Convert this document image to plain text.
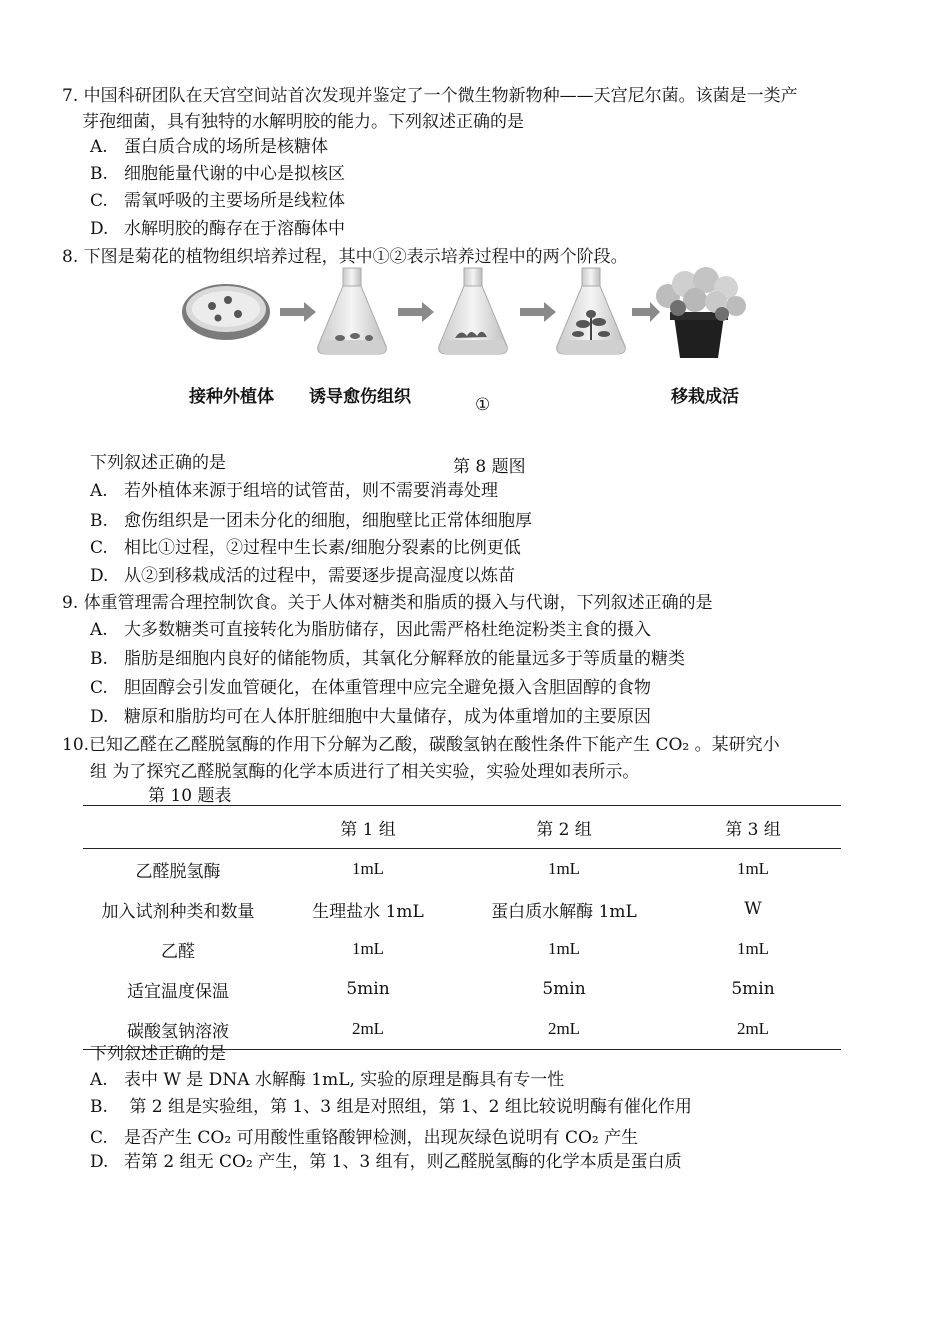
7. 中国科研团队在天宫空间站首次发现并鉴定了一个微生物新物种——天宫尼尔菌。该菌是一类产
芽孢细菌，具有独特的水解明胶的能力。下列叙述正确的是
A. 蛋白质合成的场所是核糖体
B. 细胞能量代谢的中心是拟核区
C. 需氧呼吸的主要场所是线粒体
D. 水解明胶的酶存在于溶酶体中
8. 下图是菊花的植物组织培养过程，其中①②表示培养过程中的两个阶段。
接种外植体 诱导愈伤组织	①	移栽成活
下列叙述正确的是	第 8 题图
A. 若外植体来源于组培的试管苗，则不需要消毒处理
B. 愈伤组织是一团未分化的细胞，细胞壁比正常体细胞厚
C. 相比①过程，②过程中生长素/细胞分裂素的比例更低
D. 从②到移栽成活的过程中，需要逐步提高湿度以炼苗
9. 体重管理需合理控制饮食。关于人体对糖类和脂质的摄入与代谢，下列叙述正确的是
A. 大多数糖类可直接转化为脂肪储存，因此需严格杜绝淀粉类主食的摄入
B. 脂肪是细胞内良好的储能物质，其氧化分解释放的能量远多于等质量的糖类
C. 胆固醇会引发血管硬化，在体重管理中应完全避免摄入含胆固醇的食物
D. 糖原和脂肪均可在人体肝脏细胞中大量储存，成为体重增加的主要原因
10.已知乙醛在乙醛脱氢酶的作用下分解为乙酸，碳酸氢钠在酸性条件下能产生 CO₂ 。某研究小
组 为了探究乙醛脱氢酶的化学本质进行了相关实验，实验处理如表所示。
第 10 题表
	第 1 组	第 2 组	第 3 组
乙醛脱氢酶	1mL	1mL	1mL
加入试剂种类和数量	生理盐水 1mL	蛋白质水解酶 1mL	W
乙醛	1mL	1mL	1mL
适宜温度保温	5min	5min	5min
碳酸氢钠溶液	2mL	2mL	2mL
下列叙述正确的是
A. 表中 W 是 DNA 水解酶 1mL, 实验的原理是酶具有专一性
B. 第 2 组是实验组，第 1、3 组是对照组，第 1、2 组比较说明酶有催化作用
C. 是否产生 CO₂ 可用酸性重铬酸钾检测，出现灰绿色说明有 CO₂ 产生
D. 若第 2 组无 CO₂ 产生，第 1、3 组有，则乙醛脱氢酶的化学本质是蛋白质
